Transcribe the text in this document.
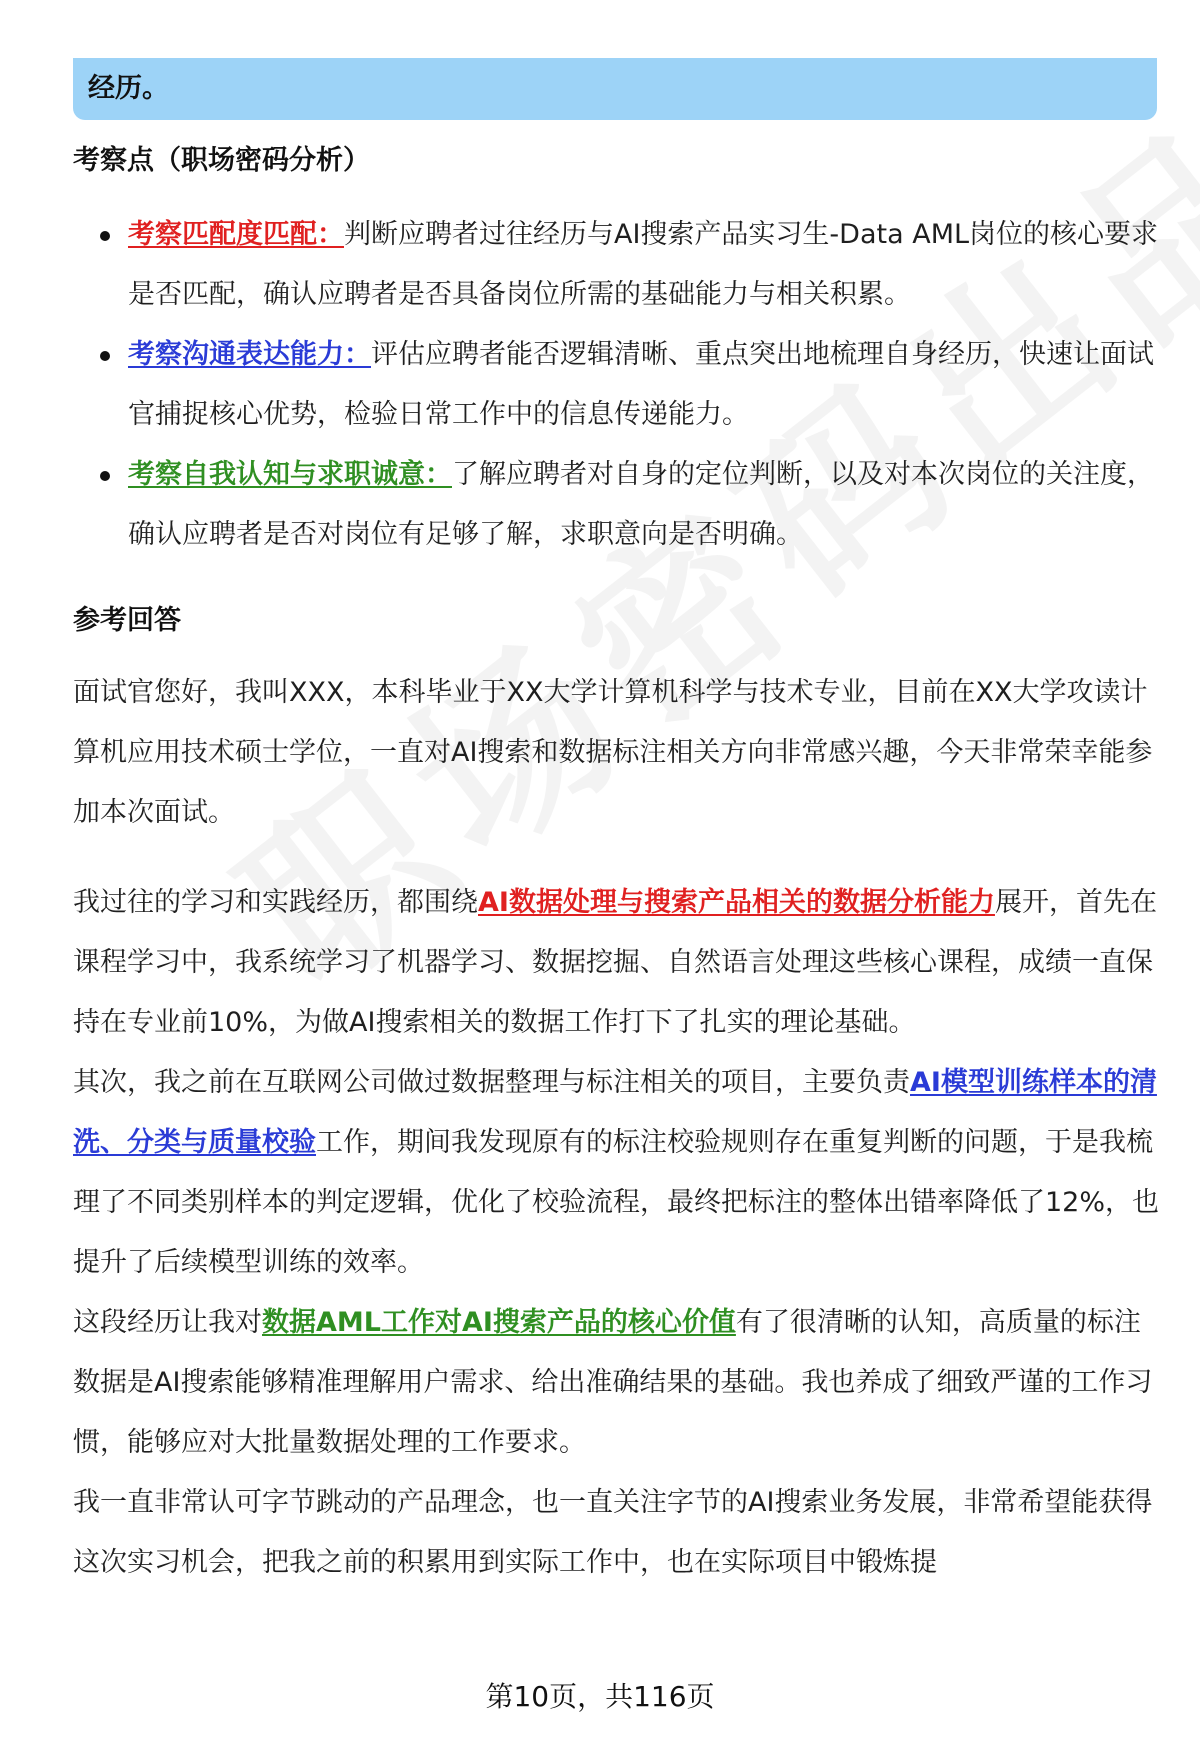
经历。
考察点（职场密码分析）
考察匹配度匹配：判断应聘者过往经历与AI搜索产品实习生-Data AML岗位的核心要求是否匹配，确认应聘者是否具备岗位所需的基础能力与相关积累。
考察沟通表达能力：评估应聘者能否逻辑清晰、重点突出地梳理自身经历，快速让面试官捕捉核心优势，检验日常工作中的信息传递能力。
考察自我认知与求职诚意：了解应聘者对自身的定位判断，以及对本次岗位的关注度，确认应聘者是否对岗位有足够了解，求职意向是否明确。
参考回答

面试官您好，我叫XXX，本科毕业于XX大学计算机科学与技术专业，目前在XX大学攻读计算机应用技术硕士学位，一直对AI搜索和数据标注相关方向非常感兴趣，今天非常荣幸能参加本次面试。

我过往的学习和实践经历，都围绕AI数据处理与搜索产品相关的数据分析能力展开，首先在课程学习中，我系统学习了机器学习、数据挖掘、自然语言处理这些核心课程，成绩一直保持在专业前10%，为做AI搜索相关的数据工作打下了扎实的理论基础。

其次，我之前在互联网公司做过数据整理与标注相关的项目，主要负责AI模型训练样本的清洗、分类与质量校验工作，期间我发现原有的标注校验规则存在重复判断的问题，于是我梳理了不同类别样本的判定逻辑，优化了校验流程，最终把标注的整体出错率降低了12%，也提升了后续模型训练的效率。

这段经历让我对数据AML工作对AI搜索产品的核心价值有了很清晰的认知，高质量的标注数据是AI搜索能够精准理解用户需求、给出准确结果的基础。我也养成了细致严谨的工作习惯，能够应对大批量数据处理的工作要求。

我一直非常认可字节跳动的产品理念，也一直关注字节的AI搜索业务发展，非常希望能获得这次实习机会，把我之前的积累用到实际工作中，也在实际项目中锻炼提

第10页，共116页
